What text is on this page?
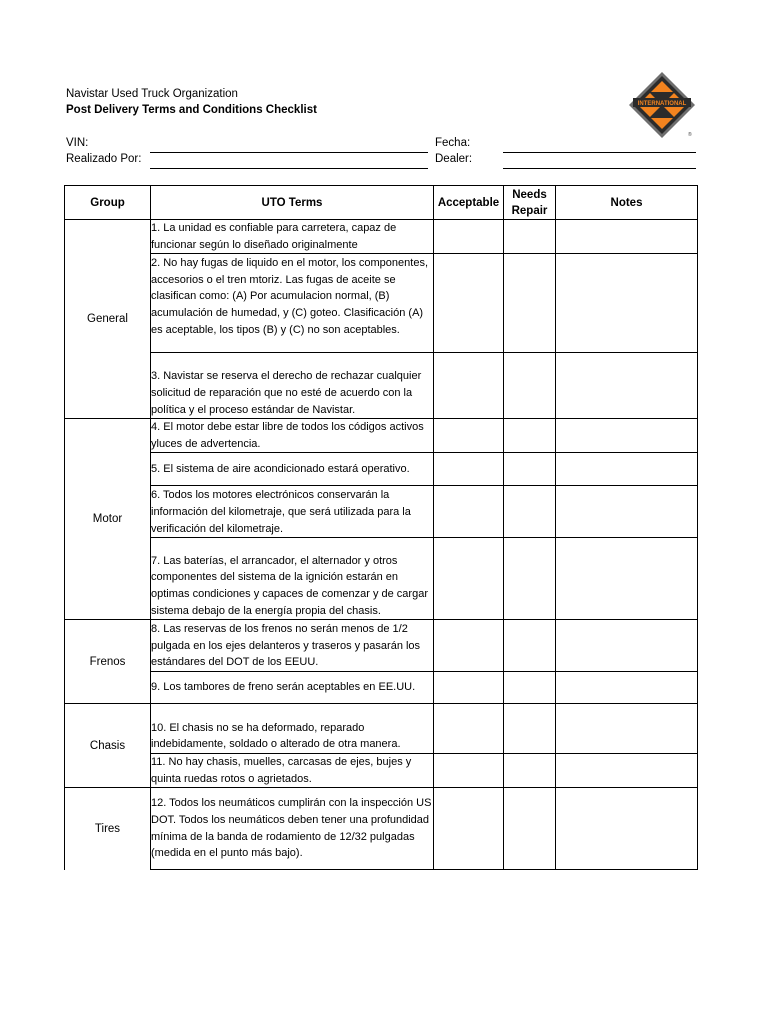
Navistar Used Truck Organization
Post Delivery Terms and Conditions Checklist	INTERNATIONAL
®
VIN:
Realizado Por:
Fecha:
Dealer:
Group	UTO Terms	Acceptable	Needs Repair	Notes
General	1. La unidad es confiable para carretera, capaz de funcionar según lo diseñado originalmente			
	2. No hay fugas de liquido en el motor, los componentes, accesorios o el tren mtoriz. Las fugas de aceite se clasifican como: (A) Por acumulacion normal, (B) acumulación de humedad, y (C) goteo. Clasificación (A) es aceptable, los tipos (B) y (C) no son aceptables.			
	3. Navistar se reserva el derecho de rechazar cualquier solicitud de reparación que no esté de acuerdo con la política y el proceso estándar de Navistar.			
Motor	4. El motor debe estar libre de todos los códigos activos yluces de advertencia.			
	5. El sistema de aire acondicionado estará operativo.			
	6. Todos los motores electrónicos conservarán la información del kilometraje, que será utilizada para la verificación del kilometraje.			
	7. Las baterías, el arrancador, el alternador y otros componentes del sistema de la ignición estarán en optimas condiciones y capaces de comenzar y de cargar sistema debajo de la energía propia del chasis.			
Frenos	8. Las reservas de los frenos no serán menos de 1/2 pulgada en los ejes delanteros y traseros y pasarán los estándares del DOT de los EEUU.			
	9. Los tambores de freno serán aceptables en EE.UU.			
Chasis	10. El chasis no se ha deformado, reparado indebidamente, soldado o alterado de otra manera.			
	11. No hay chasis, muelles, carcasas de ejes, bujes y quinta ruedas rotos o agrietados.			
Tires	12. Todos los neumáticos cumplirán con la inspección US DOT. Todos los neumáticos deben tener una profundidad mínima de la banda de rodamiento de 12/32 pulgadas (medida en el punto más bajo).			
